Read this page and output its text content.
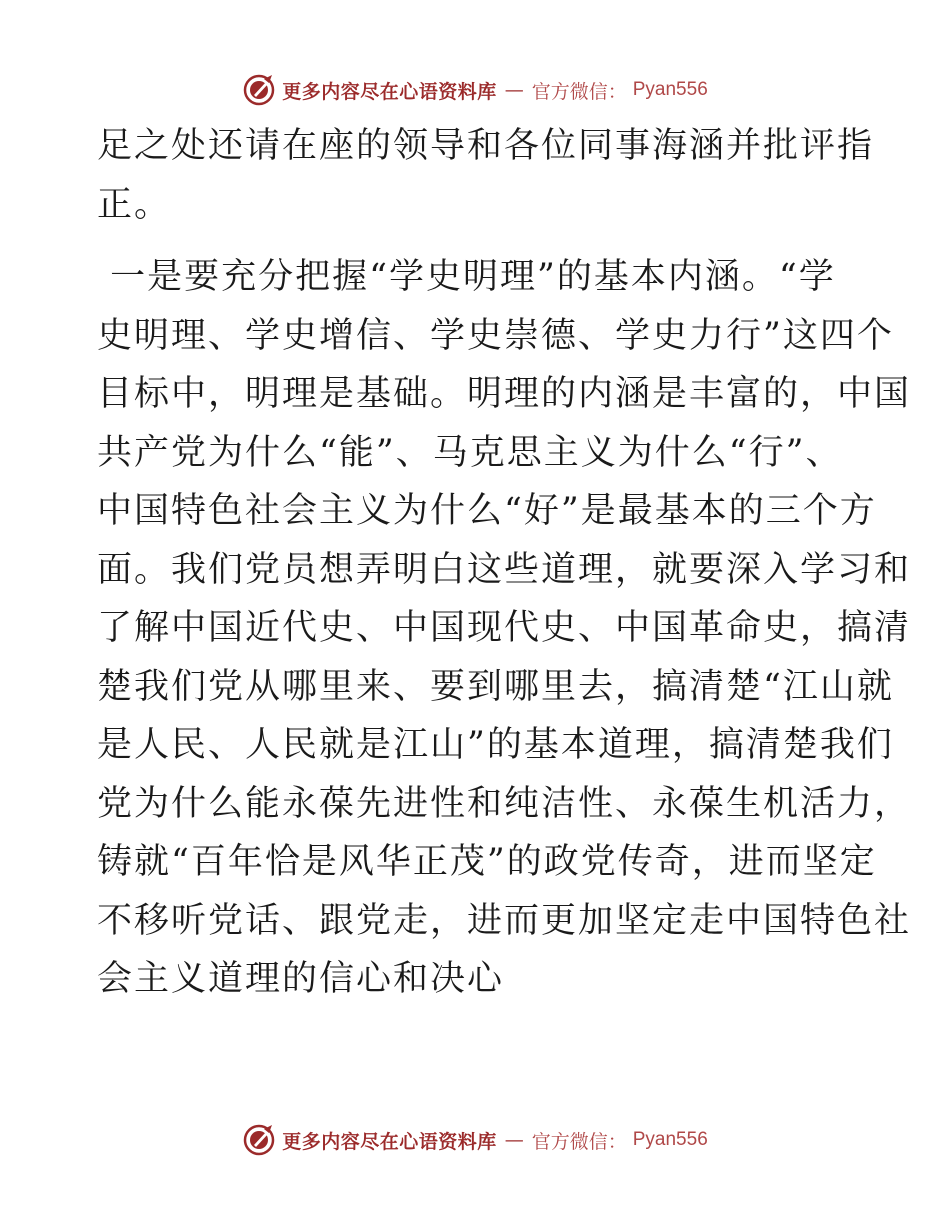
更多内容尽在心语资料库 — 官方微信： Pyan556

足之处还请在座的领导和各位同事海涵并批评指
正。

一是要充分把握“学史明理”的基本内涵。“学
史明理、学史增信、学史崇德、学史力行”这四个
目标中，明理是基础。明理的内涵是丰富的，中国
共产党为什么“能”、马克思主义为什么“行”、
中国特色社会主义为什么“好”是最基本的三个方
面。我们党员想弄明白这些道理，就要深入学习和
了解中国近代史、中国现代史、中国革命史，搞清
楚我们党从哪里来、要到哪里去，搞清楚“江山就
是人民、人民就是江山”的基本道理，搞清楚我们
党为什么能永葆先进性和纯洁性、永葆生机活力，
铸就“百年恰是风华正茂”的政党传奇，进而坚定
不移听党话、跟党走，进而更加坚定走中国特色社
会主义道理的信心和决心

更多内容尽在心语资料库 — 官方微信： Pyan556
